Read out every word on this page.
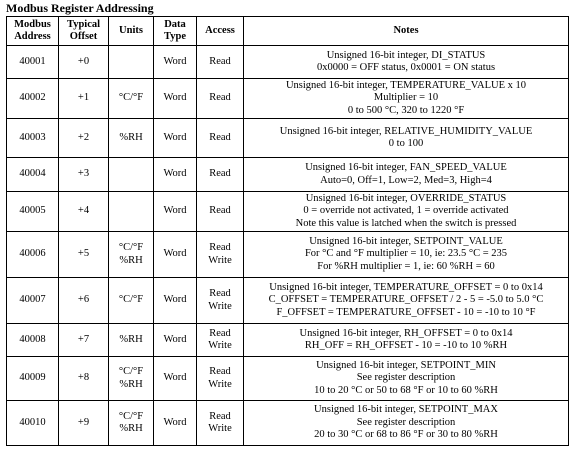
Modbus Register Addressing
Modbus Address	Typical Offset	Units	Data Type	Access	Notes
40001	+0		Word	Read	Unsigned 16-bit integer, DI_STATUS
0x0000 = OFF status, 0x0001 = ON status

40002	+1	°C/°F	Word	Read	Unsigned 16-bit integer, TEMPERATURE_VALUE x 10
Multiplier = 10
0 to 500 °C, 320 to 1220 °F

40003	+2	%RH	Word	Read	Unsigned 16-bit integer, RELATIVE_HUMIDITY_VALUE
0 to 100

40004	+3		Word	Read	Unsigned 16-bit integer, FAN_SPEED_VALUE
Auto=0, Off=1, Low=2, Med=3, High=4

40005	+4		Word	Read	Unsigned 16-bit integer, OVERRIDE_STATUS
0 = override not activated, 1 = override activated
Note this value is latched when the switch is pressed

40006	+5	°C/°F
%RH	Word	Read
Write	Unsigned 16-bit integer, SETPOINT_VALUE
For °C and °F multiplier = 10, ie: 23.5 °C = 235
For %RH multiplier = 1, ie: 60 %RH = 60

40007	+6	°C/°F	Word	Read
Write	Unsigned 16-bit integer, TEMPERATURE_OFFSET = 0 to 0x14
C_OFFSET = TEMPERATURE_OFFSET / 2 - 5 = -5.0 to 5.0 °C
F_OFFSET = TEMPERATURE_OFFSET - 10 = -10 to 10 °F

40008	+7	%RH	Word	Read
Write	Unsigned 16-bit integer, RH_OFFSET = 0 to 0x14
RH_OFF = RH_OFFSET - 10 = -10 to 10 %RH

40009	+8	°C/°F
%RH	Word	Read
Write	Unsigned 16-bit integer, SETPOINT_MIN
See register description
10 to 20 °C or 50 to 68 °F or 10 to 60 %RH

40010	+9	°C/°F
%RH	Word	Read
Write	Unsigned 16-bit integer, SETPOINT_MAX
See register description
20 to 30 °C or 68 to 86 °F or 30 to 80 %RH
